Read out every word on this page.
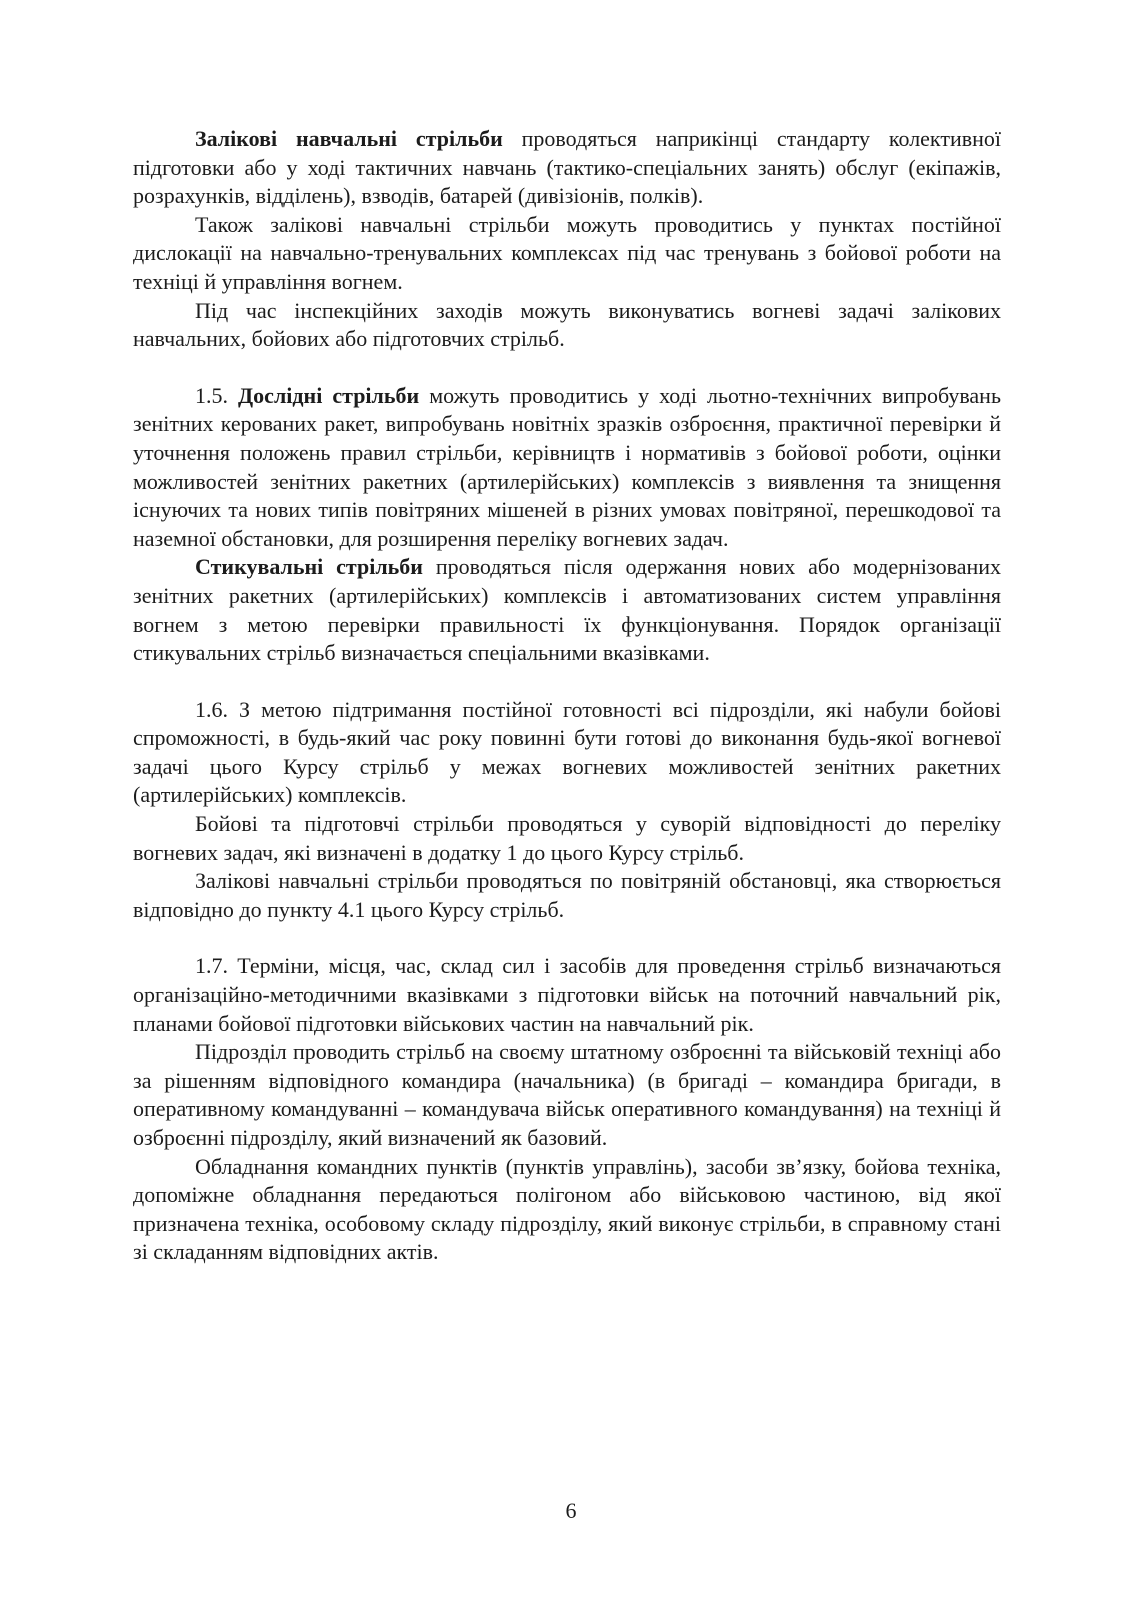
Залікові навчальні стрільби проводяться наприкінці стандарту колективної підготовки або у ході тактичних навчань (тактико-спеціальних занять) обслуг (екіпажів, розрахунків, відділень), взводів, батарей (дивізіонів, полків).

Також залікові навчальні стрільби можуть проводитись у пунктах постійної дислокації на навчально-тренувальних комплексах під час тренувань з бойової роботи на техніці й управління вогнем.

Під час інспекційних заходів можуть виконуватись вогневі задачі залікових навчальних, бойових або підготовчих стрільб.

1.5. Дослідні стрільби можуть проводитись у ході льотно-технічних випробувань зенітних керованих ракет, випробувань новітніх зразків озброєння, практичної перевірки й уточнення положень правил стрільби, керівництв і нормативів з бойової роботи, оцінки можливостей зенітних ракетних (артилерійських) комплексів з виявлення та знищення існуючих та нових типів повітряних мішеней в різних умовах повітряної, перешкодової та наземної обстановки, для розширення переліку вогневих задач.

Стикувальні стрільби проводяться після одержання нових або модернізованих зенітних ракетних (артилерійських) комплексів і автоматизованих систем управління вогнем з метою перевірки правильності їх функціонування. Порядок організації стикувальних стрільб визначається спеціальними вказівками.

1.6. З метою підтримання постійної готовності всі підрозділи, які набули бойові спроможності, в будь-який час року повинні бути готові до виконання будь-якої вогневої задачі цього Курсу стрільб у межах вогневих можливостей зенітних ракетних (артилерійських) комплексів.

Бойові та підготовчі стрільби проводяться у суворій відповідності до переліку вогневих задач, які визначені в додатку 1 до цього Курсу стрільб.

Залікові навчальні стрільби проводяться по повітряній обстановці, яка створюється відповідно до пункту 4.1 цього Курсу стрільб.

1.7. Терміни, місця, час, склад сил і засобів для проведення стрільб визначаються організаційно-методичними вказівками з підготовки військ на поточний навчальний рік, планами бойової підготовки військових частин на навчальний рік.

Підрозділ проводить стрільб на своєму штатному озброєнні та військовій техніці або за рішенням відповідного командира (начальника) (в бригаді – командира бригади, в оперативному командуванні – командувача військ оперативного командування) на техніці й озброєнні підрозділу, який визначений як базовий.

Обладнання командних пунктів (пунктів управлінь), засоби зв’язку, бойова техніка, допоміжне обладнання передаються полігоном або військовою частиною, від якої призначена техніка, особовому складу підрозділу, який виконує стрільби, в справному стані зі складанням відповідних актів.

6
